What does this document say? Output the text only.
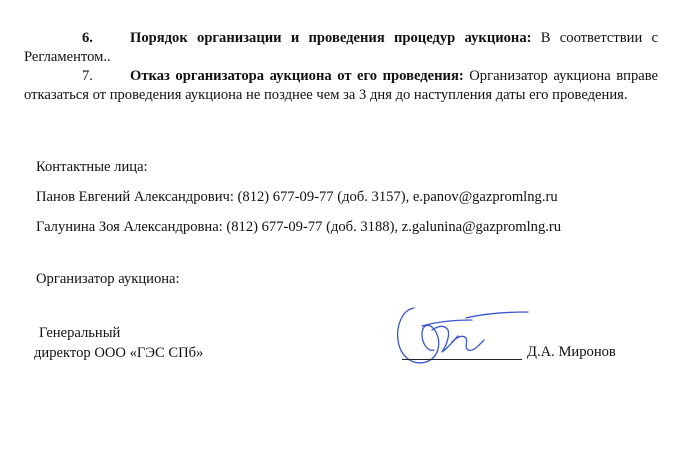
6.	Порядок организации и проведения процедур аукциона: В соответствии с Регламентом..
7.	Отказ организатора аукциона от его проведения: Организатор аукциона вправе отказаться от проведения аукциона не позднее чем за 3 дня до наступления даты его проведения.
Контактные лица:
Панов Евгений Александрович: (812) 677-09-77 (доб. 3157), e.panov@gazpromlng.ru
Галунина Зоя Александровна: (812) 677-09-77 (доб. 3188), z.galunina@gazpromlng.ru
Организатор аукциона:
Генеральный
директор ООО «ГЭС СПб»	Д.А. Миронов
